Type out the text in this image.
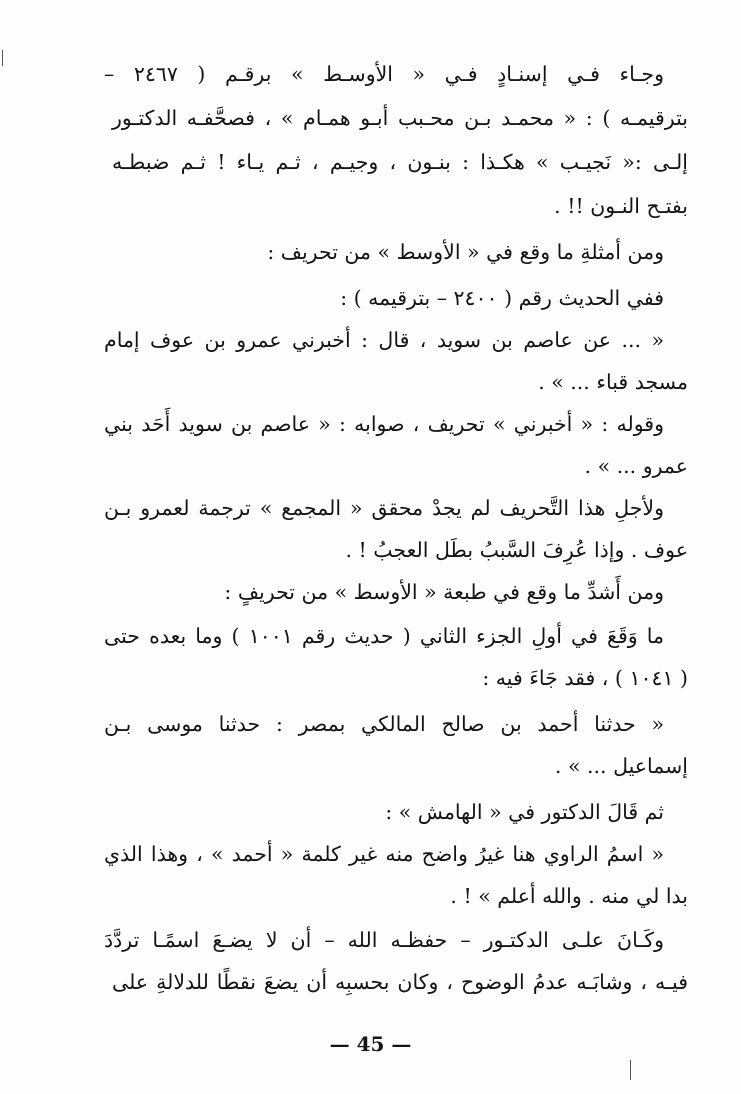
وجـاء فـي إسنـادٍ فـي « الأوسـط » برقـم ( ٢٤٦٧ –
بترقيمـه ) : « محمـد بـن محـبب أبـو همـام » ، فصحَّفـه الدكتـور
إلـى :« نَجيـب » هكـذا : بنـون ، وجيـم ، ثـم يـاء ! ثـم ضبطـه
بفتـح النـون !! .
ومن أمثلةِ ما وقع في « الأوسط » من تحريف :
ففي الحديث رقم ( ٢٤٠٠ – بترقيمه ) :
« ... عن عاصم بن سويد ، قال : أخبرني عمرو بن عوف إمام
مسجد قباء ... » .
وقوله : « أخبرني » تحريف ، صوابه : « عاصم بن سويد أَحَد بني
عمرو ... » .
ولأجلِ هذا التَّحريف لم يجدْ محقق « المجمع » ترجمة لعمرو بـن
عوف . وإذا عُرِفَ السَّببُ بطَل العجبُ ! .
ومن أَشدِّ ما وقع في طبعة « الأوسط » من تحريفٍ :
ما وَقَعَ في أولِ الجزء الثاني ( حديث رقم ١٠٠١ ) وما بعده حتى
( ١٠٤١ ) ، فقد جَاءَ فيه :
« حدثنا أحمد بن صالح المالكي بمصر : حدثنا موسى بـن
إسماعيل ... » .
ثم قَالَ الدكتور في « الهامش » :
« اسمُ الراوي هنا غيرُ واضح منه غير كلمة « أحمد » ، وهذا الذي
بدا لي منه . والله أعلم » ! .
وكَـانَ علـى الدكتـور – حفظـه الله – أن لا يضـعَ اسمًـا تردَّدَ
فيـه ، وشابَـه عدمُ الوضوح ، وكان بحسبِه أن يضعَ نقطًا للدلالةِ على
— 45 —
